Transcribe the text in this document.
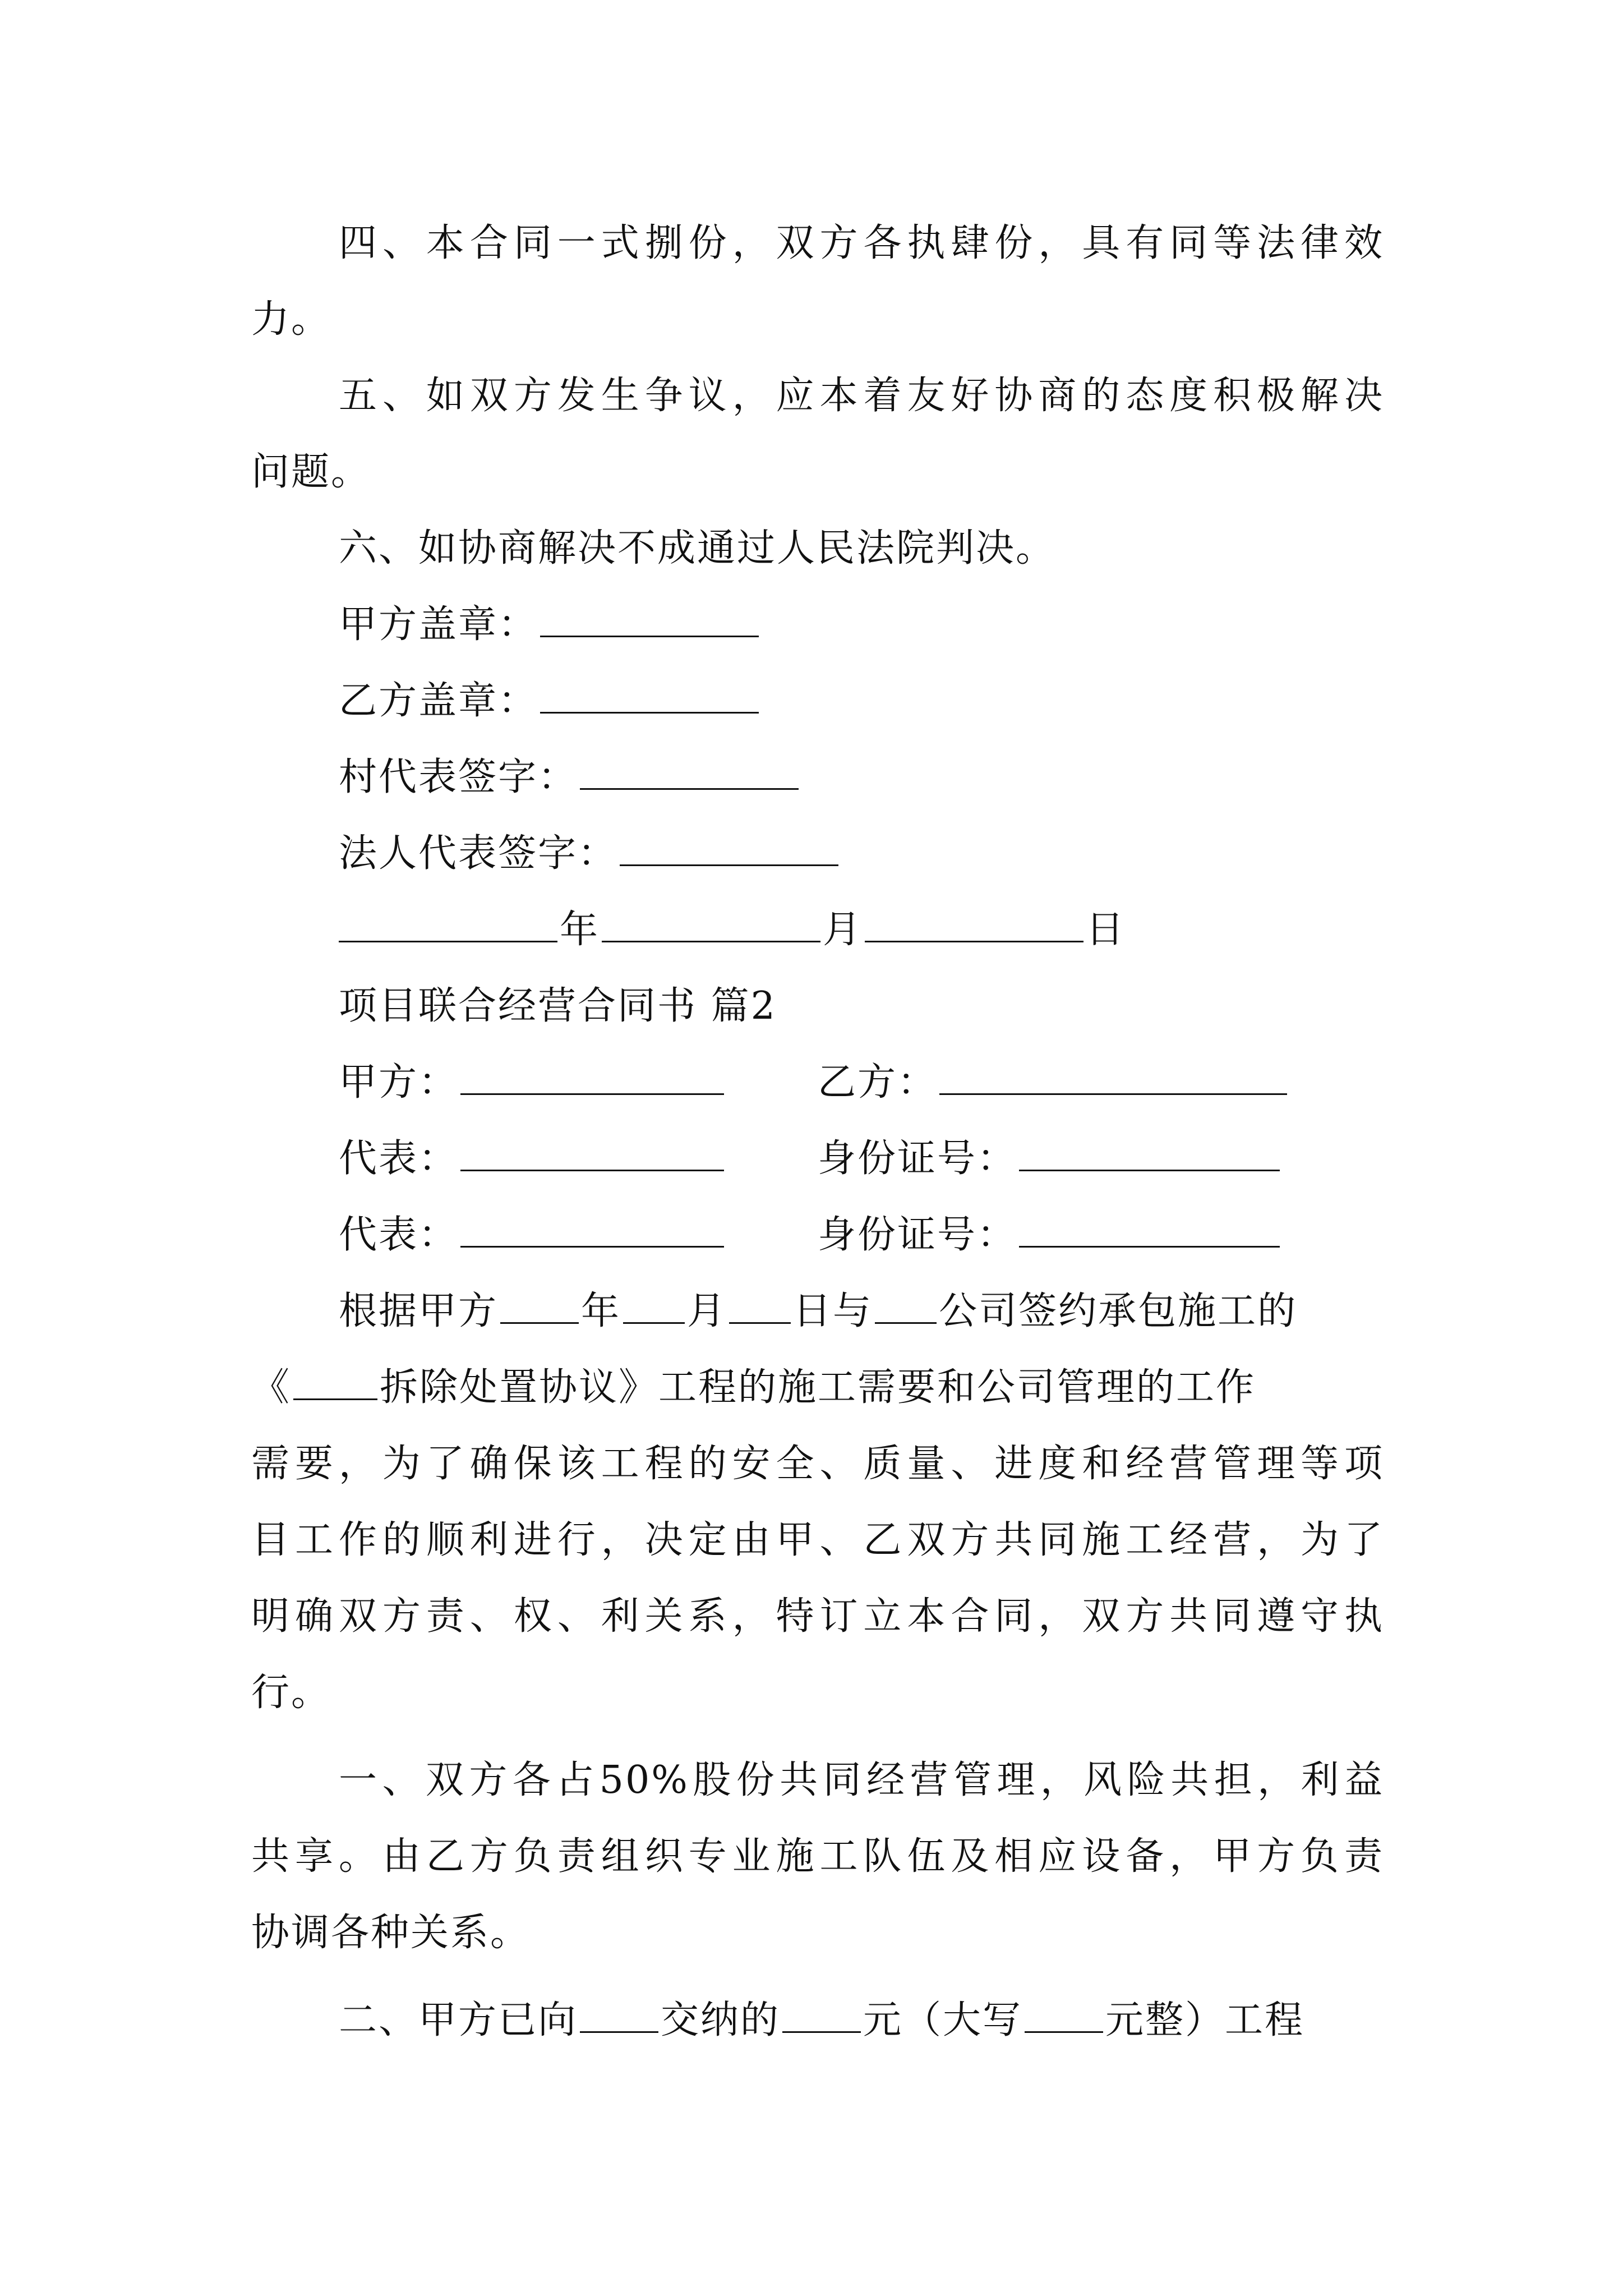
四、本合同一式捌份，双方各执肆份，具有同等法律效
力。
五、如双方发生争议，应本着友好协商的态度积极解决
问题。
六、如协商解决不成通过人民法院判决。
甲方盖章：
乙方盖章：
村代表签字：
法人代表签字：
年	月	日
项目联合经营合同书 篇2
甲方：	乙方：
代表：	身份证号：
代表：	身份证号：
根据甲方 年 月 日与 公司签约承包施工的
《 拆除处置协议》工程的施工需要和公司管理的工作
需要，为了确保该工程的安全、质量、进度和经营管理等项
目工作的顺利进行，决定由甲、乙双方共同施工经营，为了
明确双方责、权、利关系，特订立本合同，双方共同遵守执
行。
一、双方各占50%股份共同经营管理，风险共担，利益
共享。由乙方负责组织专业施工队伍及相应设备，甲方负责
协调各种关系。
二、甲方已向 交纳的 元（大写 元整）工程
